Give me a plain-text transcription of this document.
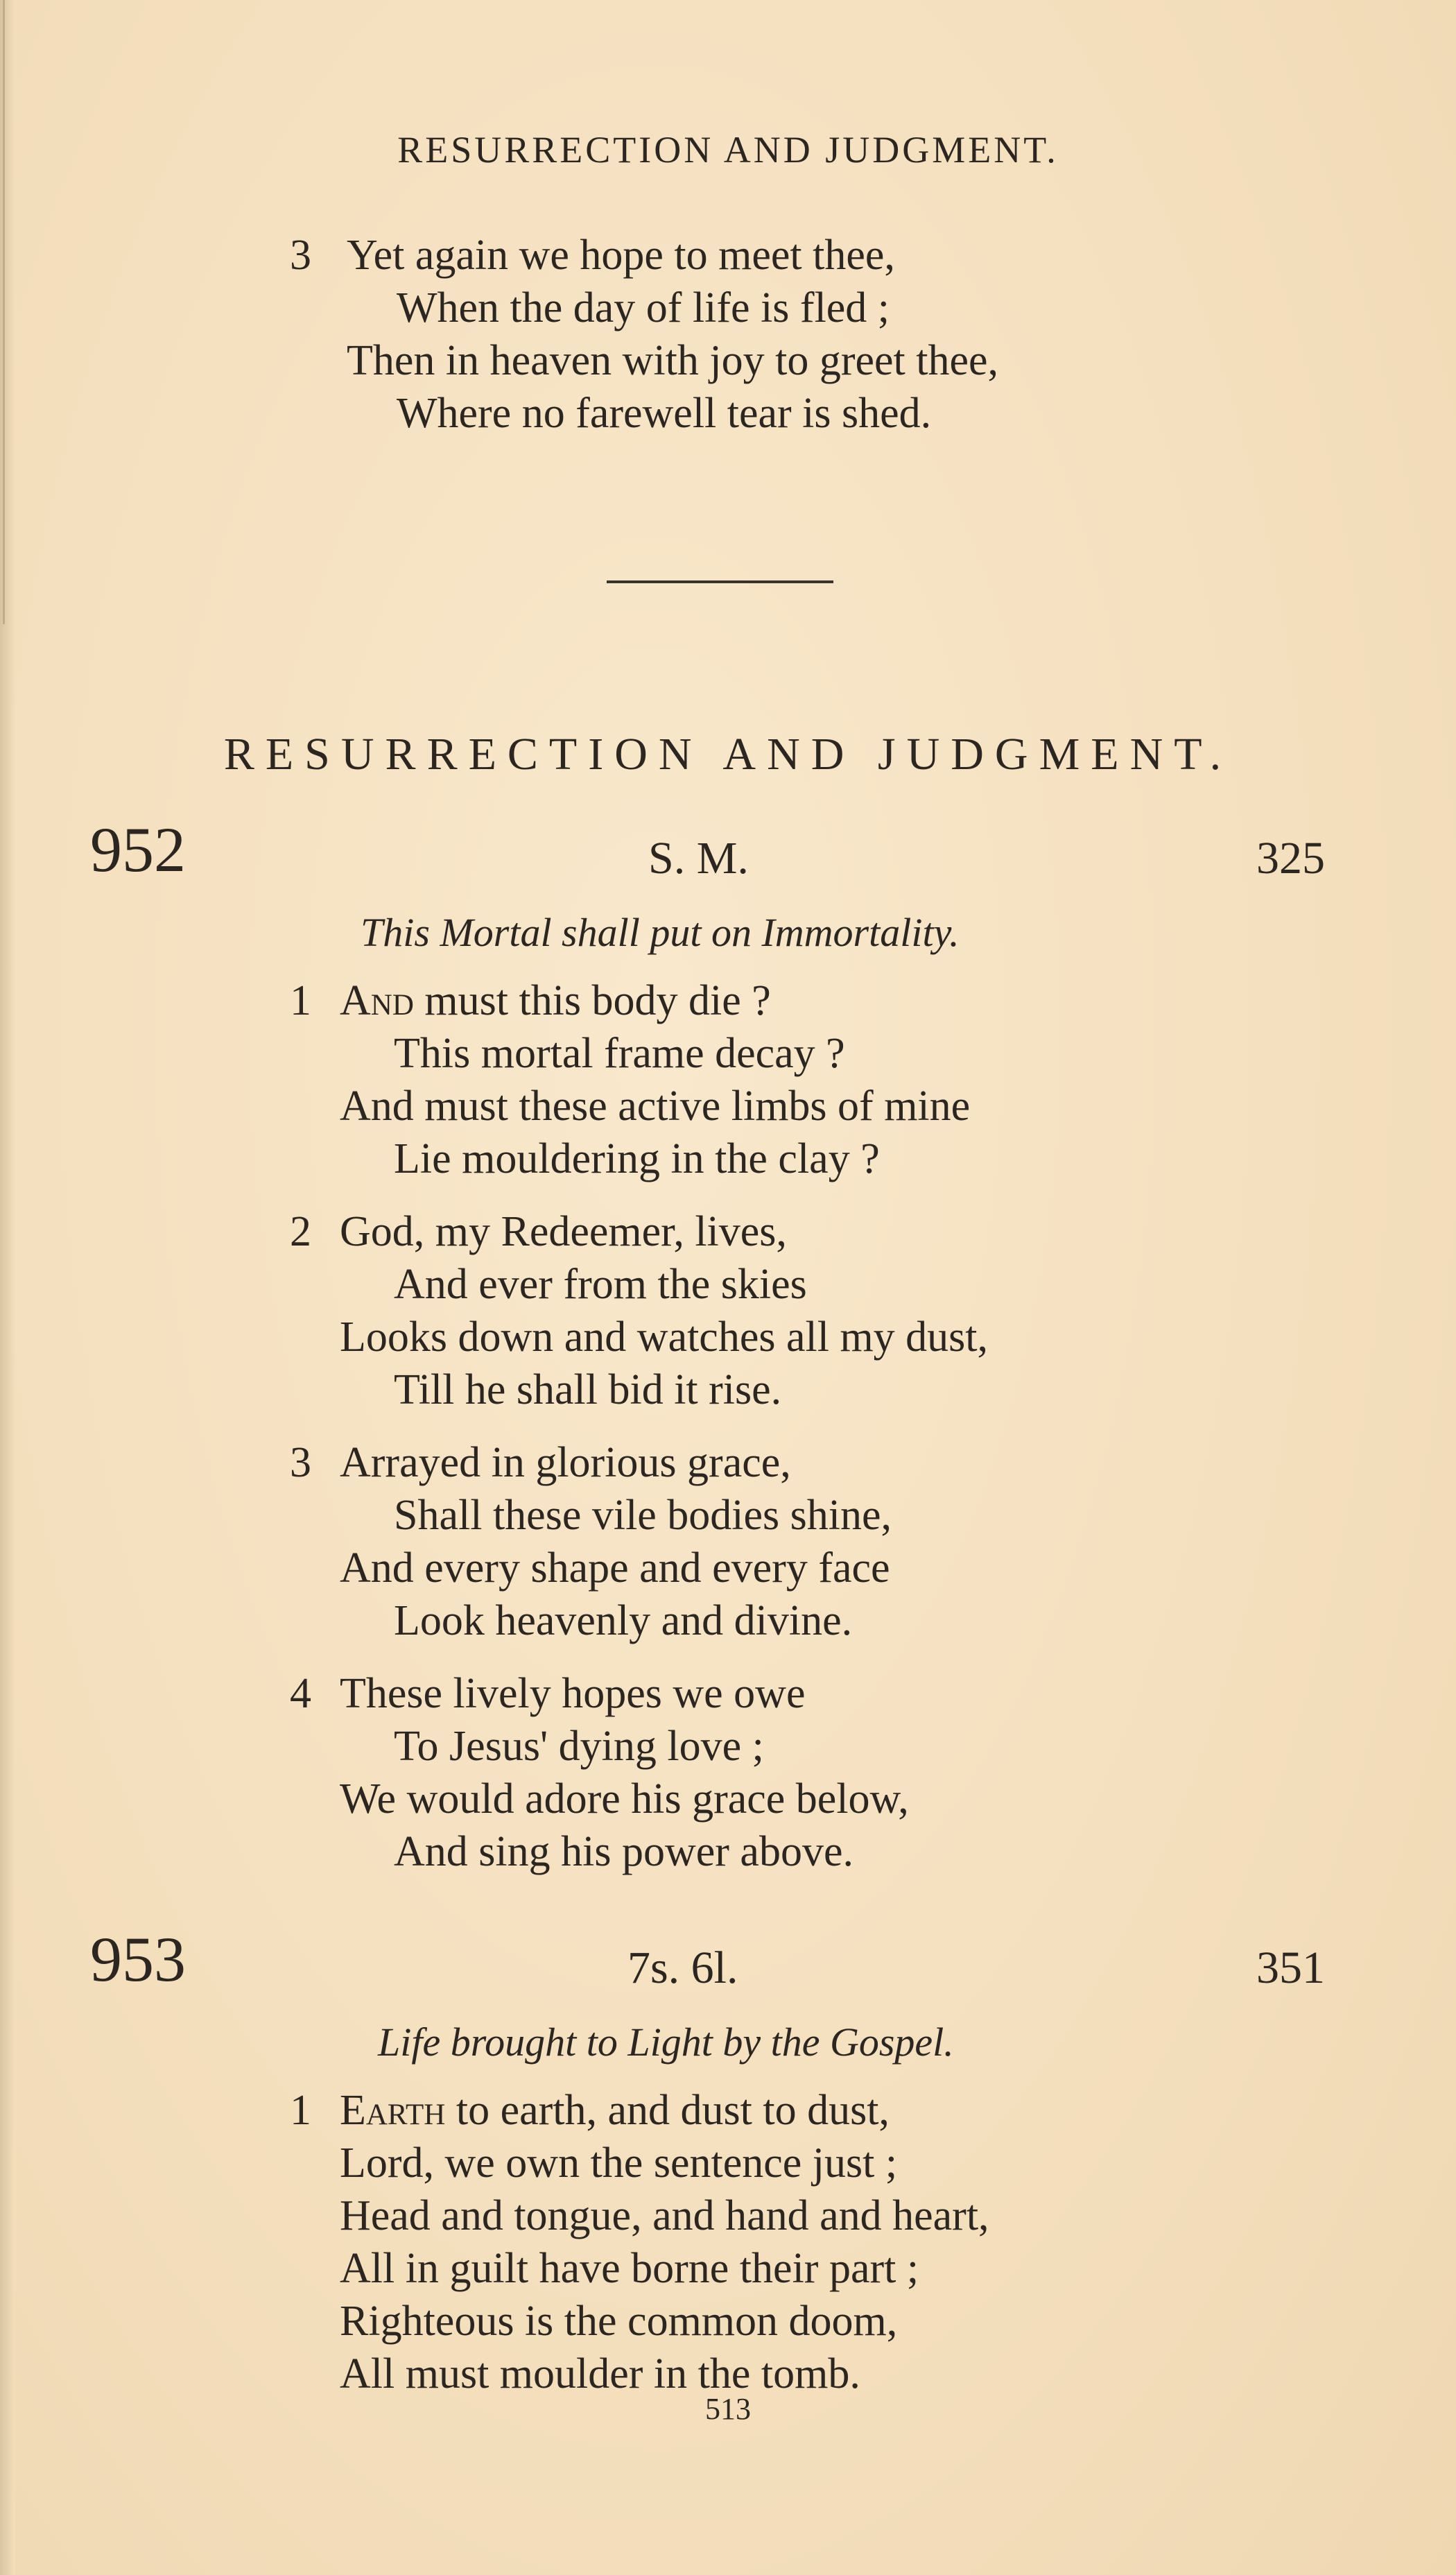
RESURRECTION AND JUDGMENT.
3 Yet again we hope to meet thee,
When the day of life is fled ;
Then in heaven with joy to greet thee,
Where no farewell tear is shed.
RESURRECTION AND JUDGMENT.
952	S. M.	325
This Mortal shall put on Immortality.
1 And must this body die ?
This mortal frame decay ?
And must these active limbs of mine
Lie mouldering in the clay ?
2 God, my Redeemer, lives,
And ever from the skies
Looks down and watches all my dust,
Till he shall bid it rise.
3 Arrayed in glorious grace,
Shall these vile bodies shine,
And every shape and every face
Look heavenly and divine.
4 These lively hopes we owe
To Jesus' dying love ;
We would adore his grace below,
And sing his power above.
953	7s. 6l.	351
Life brought to Light by the Gospel.
1 Earth to earth, and dust to dust,
Lord, we own the sentence just ;
Head and tongue, and hand and heart,
All in guilt have borne their part ;
Righteous is the common doom,
All must moulder in the tomb.
513
